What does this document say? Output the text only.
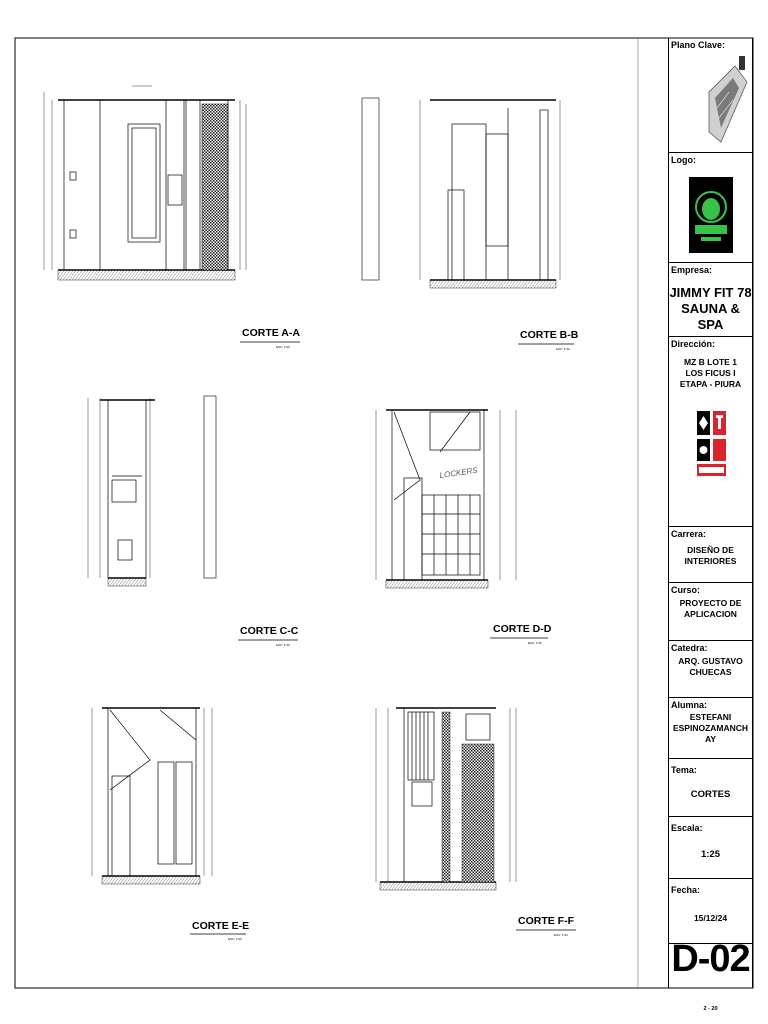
LOCKERS
CORTE A-A
ESC: 1:50
CORTE B-B
ESC: 1:50
CORTE C-C
ESC: 1:50
CORTE D-D
ESC: 1:50
CORTE E-E
ESC: 1:50
CORTE F-F
ESC: 1:50
Plano Clave:
Logo:
Empresa:
JIMMY FIT 78 SAUNA & SPA
Dirección:
MZ B LOTE 1 LOS FICUS I ETAPA - PIURA
Carrera:
DISEÑO DE INTERIORES
Curso:
PROYECTO DE APLICACION
Catedra:
ARQ. GUSTAVO CHUECAS
Alumna:
ESTEFANI ESPINOZAMANCHAY
Tema:
CORTES
Escala:
1:25
Fecha:
15/12/24
D-02
2 - 20
